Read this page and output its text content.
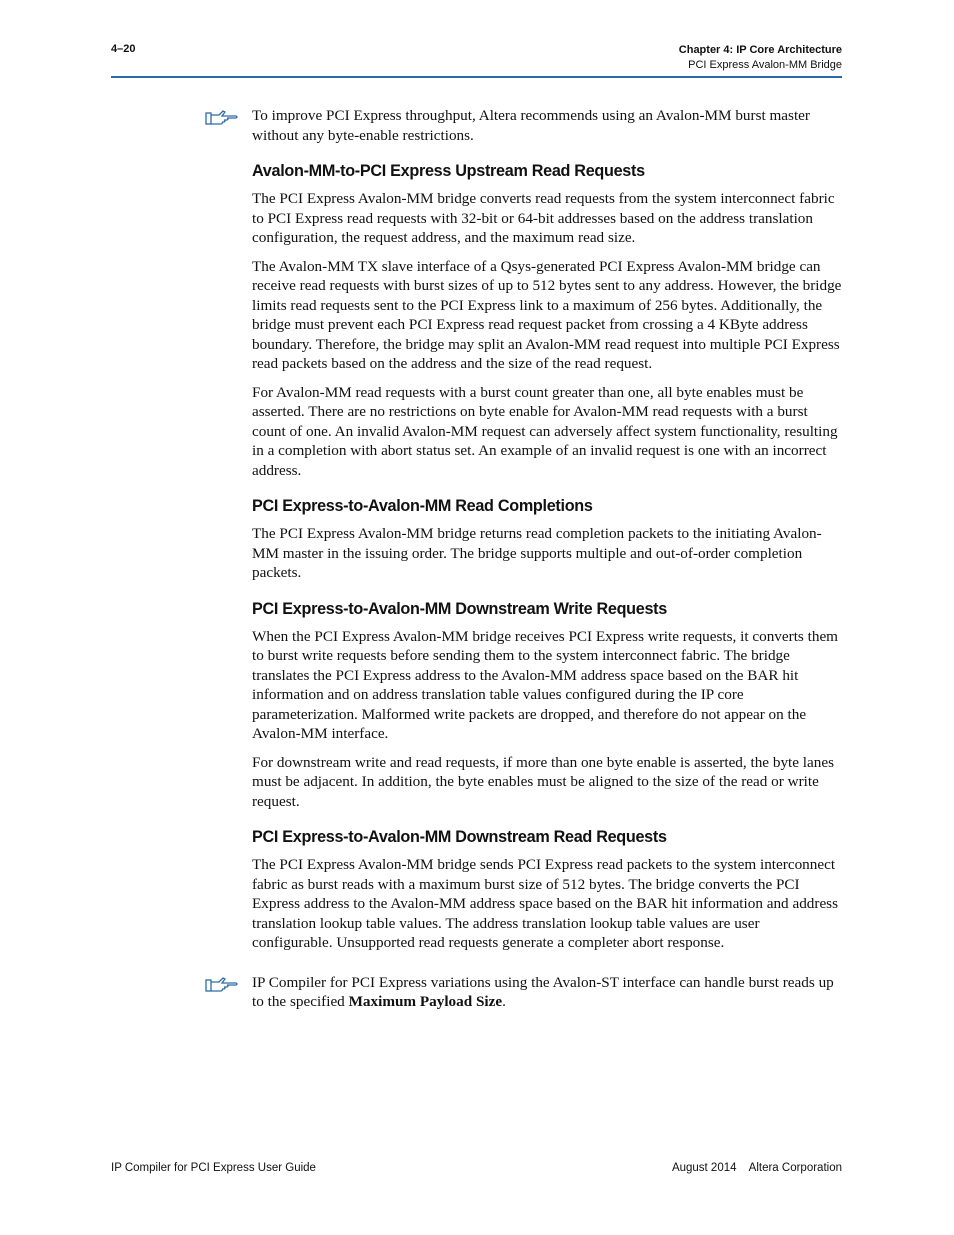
4–20	Chapter 4: IP Core Architecture
PCI Express Avalon-MM Bridge

To improve PCI Express throughput, Altera recommends using an Avalon-MM burst master without any byte-enable restrictions.

Avalon-MM-to-PCI Express Upstream Read Requests

The PCI Express Avalon-MM bridge converts read requests from the system interconnect fabric to PCI Express read requests with 32-bit or 64-bit addresses based on the address translation configuration, the request address, and the maximum read size.

The Avalon-MM TX slave interface of a Qsys-generated PCI Express Avalon-MM bridge can receive read requests with burst sizes of up to 512 bytes sent to any address. However, the bridge limits read requests sent to the PCI Express link to a maximum of 256 bytes. Additionally, the bridge must prevent each PCI Express read request packet from crossing a 4 KByte address boundary. Therefore, the bridge may split an Avalon-MM read request into multiple PCI Express read packets based on the address and the size of the read request.

For Avalon-MM read requests with a burst count greater than one, all byte enables must be asserted. There are no restrictions on byte enable for Avalon-MM read requests with a burst count of one. An invalid Avalon-MM request can adversely affect system functionality, resulting in a completion with abort status set. An example of an invalid request is one with an incorrect address.

PCI Express-to-Avalon-MM Read Completions

The PCI Express Avalon-MM bridge returns read completion packets to the initiating Avalon-MM master in the issuing order. The bridge supports multiple and out-of-order completion packets.

PCI Express-to-Avalon-MM Downstream Write Requests

When the PCI Express Avalon-MM bridge receives PCI Express write requests, it converts them to burst write requests before sending them to the system interconnect fabric. The bridge translates the PCI Express address to the Avalon-MM address space based on the BAR hit information and on address translation table values configured during the IP core parameterization. Malformed write packets are dropped, and therefore do not appear on the Avalon-MM interface.

For downstream write and read requests, if more than one byte enable is asserted, the byte lanes must be adjacent. In addition, the byte enables must be aligned to the size of the read or write request.

PCI Express-to-Avalon-MM Downstream Read Requests

The PCI Express Avalon-MM bridge sends PCI Express read packets to the system interconnect fabric as burst reads with a maximum burst size of 512 bytes. The bridge converts the PCI Express address to the Avalon-MM address space based on the BAR hit information and address translation lookup table values. The address translation lookup table values are user configurable. Unsupported read requests generate a completer abort response.

IP Compiler for PCI Express variations using the Avalon-ST interface can handle burst reads up to the specified Maximum Payload Size.

IP Compiler for PCI Express User Guide	August 2014    Altera Corporation
